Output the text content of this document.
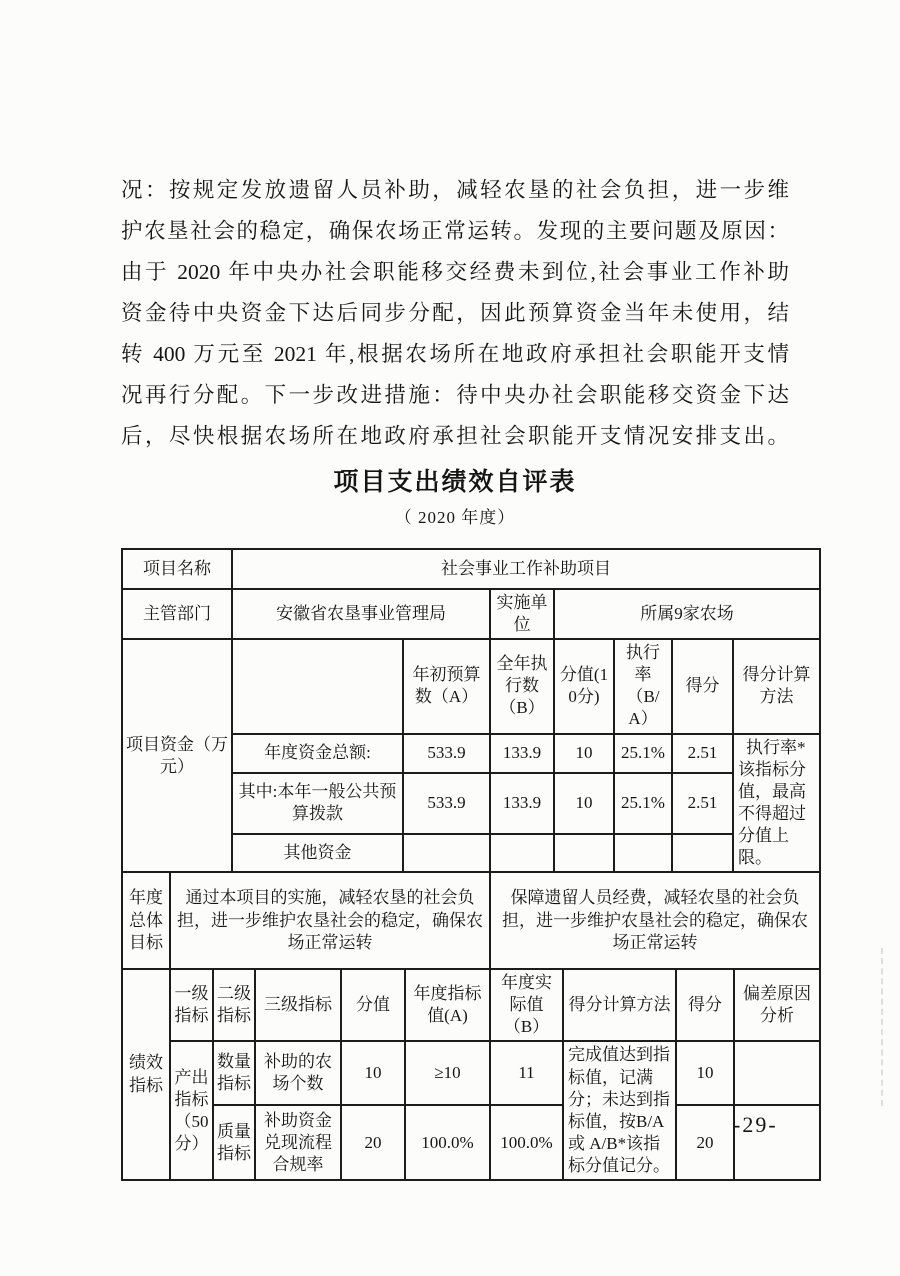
况：按规定发放遗留人员补助，减轻农垦的社会负担，进一步维
护农垦社会的稳定，确保农场正常运转。发现的主要问题及原因：
由于 2020 年中央办社会职能移交经费未到位,社会事业工作补助
资金待中央资金下达后同步分配，因此预算资金当年未使用，结
转 400 万元至 2021 年,根据农场所在地政府承担社会职能开支情
况再行分配。下一步改进措施：待中央办社会职能移交资金下达
后，尽快根据农场所在地政府承担社会职能开支情况安排支出。
项目支出绩效自评表
（ 2020 年度）
项目名称	社会事业工作补助项目		
主管部门	安徽省农垦事业管理局	实施单位	所属9家农场
项目资金（万元）		年初预算数（A）	全年执行数（B）	分值(10分)	执行率（B/A）	得分	得分计算方法
	年度资金总额:	533.9	133.9	10	25.1%	2.51	执行率*该指标分值，最高不得超过分值上限。
	其中:本年一般公共预算拨款	533.9	133.9	10	25.1%	2.51	
	其他资金						
年度总体目标	通过本项目的实施，减轻农垦的社会负担，进一步维护农垦社会的稳定，确保农场正常运转	保障遗留人员经费，减轻农垦的社会负担，进一步维护农垦社会的稳定，确保农场正常运转
绩效指标	一级指标	二级指标	三级指标	分值	年度指标值(A)	年度实际值（B）	得分计算方法	得分	偏差原因分析
	产出指标（50分）	数量指标	补助的农场个数	10	≥10	11	完成值达到指标值，记满分；未达到指标值，按B/A 或 A/B*该指标分值记分。	10	
		质量指标	补助资金兑现流程合规率	20	100.0%	100.0%		20	
-29-
